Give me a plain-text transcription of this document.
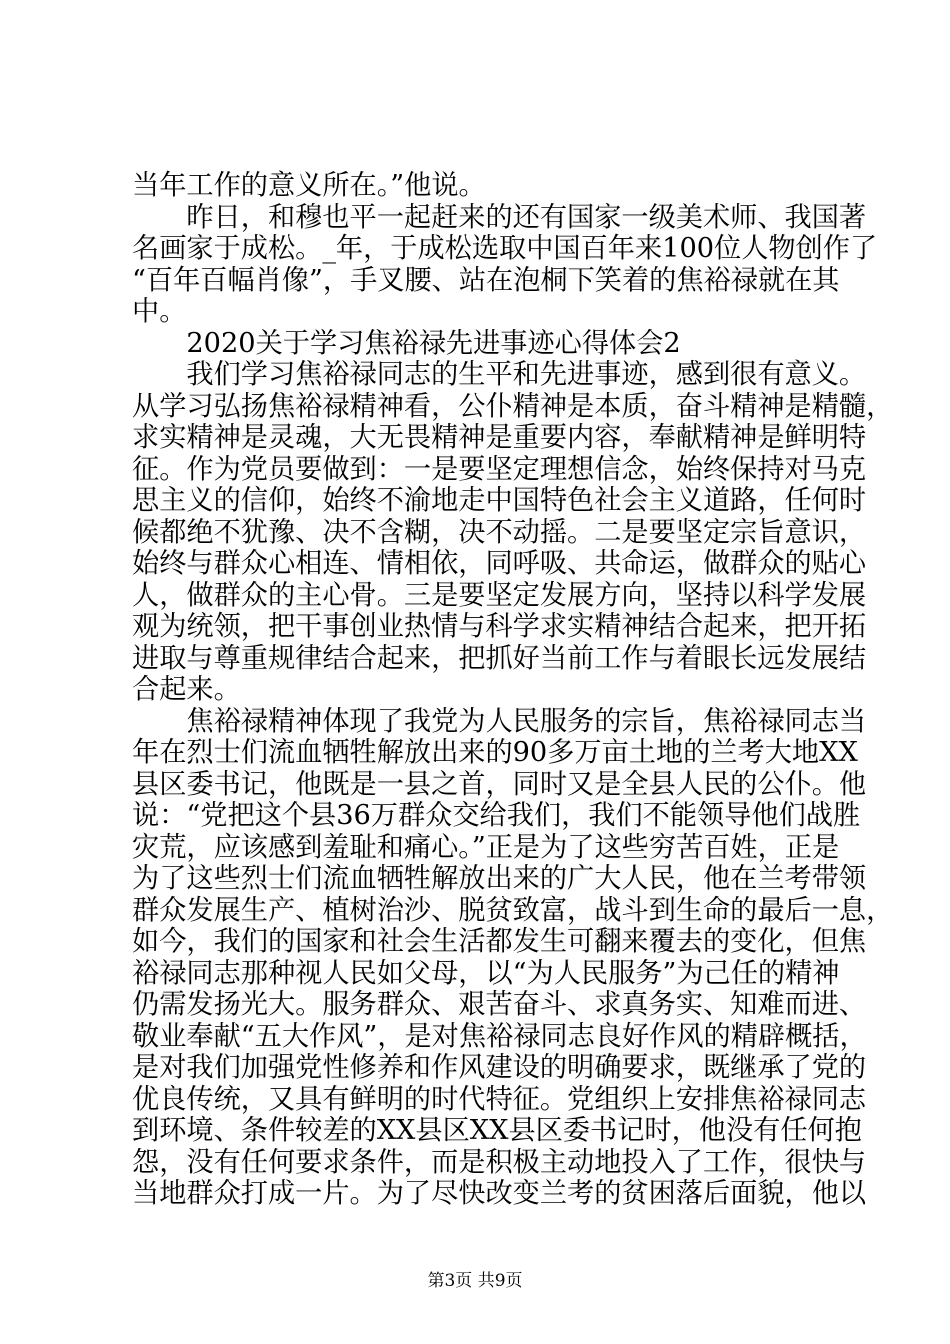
当年工作的意义所在。”他说。
　　昨日，和穆也平一起赶来的还有国家一级美术师、我国著
名画家于成松。_年，于成松选取中国百年来100位人物创作了
“百年百幅肖像”，手叉腰、站在泡桐下笑着的焦裕禄就在其
中。
　　2020关于学习焦裕禄先进事迹心得体会2
　　我们学习焦裕禄同志的生平和先进事迹，感到很有意义。
从学习弘扬焦裕禄精神看，公仆精神是本质，奋斗精神是精髓，
求实精神是灵魂，大无畏精神是重要内容，奉献精神是鲜明特
征。作为党员要做到：一是要坚定理想信念，始终保持对马克
思主义的信仰，始终不渝地走中国特色社会主义道路，任何时
候都绝不犹豫、决不含糊，决不动摇。二是要坚定宗旨意识，
始终与群众心相连、情相依，同呼吸、共命运，做群众的贴心
人，做群众的主心骨。三是要坚定发展方向，坚持以科学发展
观为统领，把干事创业热情与科学求实精神结合起来，把开拓
进取与尊重规律结合起来，把抓好当前工作与着眼长远发展结
合起来。
　　焦裕禄精神体现了我党为人民服务的宗旨，焦裕禄同志当
年在烈士们流血牺牲解放出来的90多万亩土地的兰考大地XX
县区委书记，他既是一县之首，同时又是全县人民的公仆。他
说：“党把这个县36万群众交给我们，我们不能领导他们战胜
灾荒，应该感到羞耻和痛心。”正是为了这些穷苦百姓，正是
为了这些烈士们流血牺牲解放出来的广大人民，他在兰考带领
群众发展生产、植树治沙、脱贫致富，战斗到生命的最后一息，
如今，我们的国家和社会生活都发生可翻来覆去的变化，但焦
裕禄同志那种视人民如父母，以“为人民服务”为己任的精神
仍需发扬光大。服务群众、艰苦奋斗、求真务实、知难而进、
敬业奉献“五大作风”，是对焦裕禄同志良好作风的精辟概括，
是对我们加强党性修养和作风建设的明确要求，既继承了党的
优良传统，又具有鲜明的时代特征。党组织上安排焦裕禄同志
到环境、条件较差的XX县区XX县区委书记时，他没有任何抱
怨，没有任何要求条件，而是积极主动地投入了工作，很快与
当地群众打成一片。为了尽快改变兰考的贫困落后面貌，他以
第3页 共9页
